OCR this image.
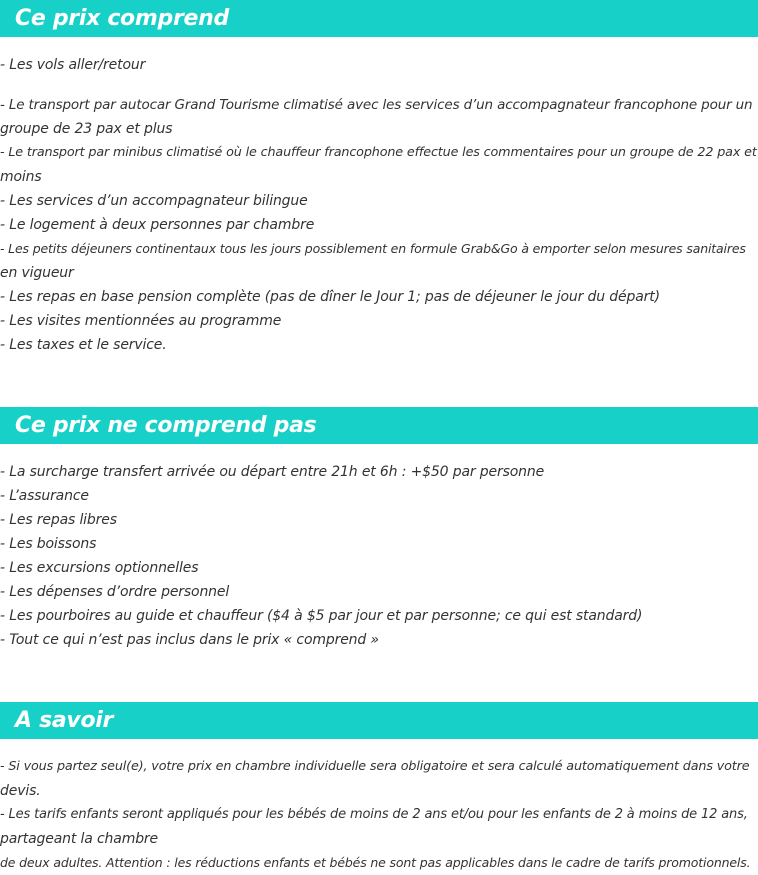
Ce prix comprend
- Les vols aller/retour
- Le transport par autocar Grand Tourisme climatisé avec les services d’un accompagnateur francophone pour un
groupe de 23 pax et plus
- Le transport par minibus climatisé où le chauffeur francophone effectue les commentaires pour un groupe de 22 pax et
moins
- Les services d’un accompagnateur bilingue
- Le logement à deux personnes par chambre
- Les petits déjeuners continentaux tous les jours possiblement en formule Grab&Go à emporter selon mesures sanitaires
en vigueur
- Les repas en base pension complète (pas de dîner le Jour 1; pas de déjeuner le jour du départ)
- Les visites mentionnées au programme
- Les taxes et le service.
Ce prix ne comprend pas
- La surcharge transfert arrivée ou départ entre 21h et 6h : +$50 par personne
- L’assurance
- Les repas libres
- Les boissons
- Les excursions optionnelles
- Les dépenses d’ordre personnel
- Les pourboires au guide et chauffeur ($4 à $5 par jour et par personne; ce qui est standard)
- Tout ce qui n’est pas inclus dans le prix « comprend »
A savoir
- Si vous partez seul(e), votre prix en chambre individuelle sera obligatoire et sera calculé automatiquement dans votre
devis.
- Les tarifs enfants seront appliqués pour les bébés de moins de 2 ans et/ou pour les enfants de 2 à moins de 12 ans,
partageant la chambre
de deux adultes. Attention : les réductions enfants et bébés ne sont pas applicables dans le cadre de tarifs promotionnels.
